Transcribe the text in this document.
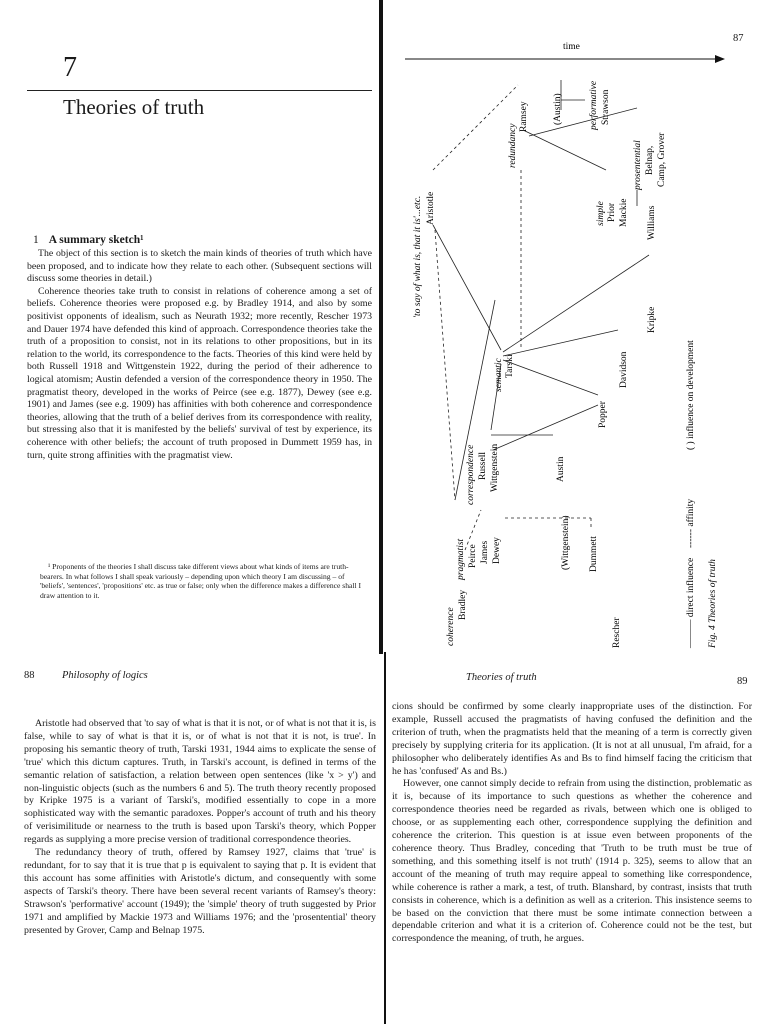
7
Theories of truth
1 A summary sketch¹

The object of this section is to sketch the main kinds of theories of truth which have been proposed, and to indicate how they relate to each other. (Subsequent sections will discuss some theories in detail.)

Coherence theories take truth to consist in relations of coherence among a set of beliefs. Coherence theories were proposed e.g. by Bradley 1914, and also by some positivist opponents of idealism, such as Neurath 1932; more recently, Rescher 1973 and Dauer 1974 have defended this kind of approach. Correspondence theories take the truth of a proposition to consist, not in its relations to other propositions, but in its relation to the world, its correspondence to the facts. Theories of this kind were held by both Russell 1918 and Wittgenstein 1922, during the period of their adherence to logical atomism; Austin defended a version of the correspondence theory in 1950. The pragmatist theory, developed in the works of Peirce (see e.g. 1877), Dewey (see e.g. 1901) and James (see e.g. 1909) has affinities with both coherence and correspondence theories, allowing that the truth of a belief derives from its correspondence with reality, but stressing also that it is manifested by the beliefs' survival of test by experience, its coherence with other beliefs; the account of truth proposed in Dummett 1959 has, in turn, quite strong affinities with the pragmatist view.

¹ Proponents of the theories I shall discuss take different views about what kinds of items are truth-bearers. In what follows I shall speak variously – depending upon which theory I am discussing – of 'beliefs', 'sentences', 'propositions' etc. as true or false; only when the difference makes a difference shall I draw attention to it.

87
time
'to say of what is, that it is'...etc. Aristotle
coherence
Bradley
pragmatist Peirce James Dewey
correspondence Russell Wittgenstein
semantic Tarski
redundancy
Ramsey	(Austin)	performative Strawson
prosentential Belnap, Camp, Grover
simple Prior Mackie Williams
Kripke
Davidson
Popper
Austin
(Wittgenstein) Dummett
Rescher	——— direct influence
------ affinity
( ) influence on development
Fig. 4 Theories of truth
88	Philosophy of logics

Aristotle had observed that 'to say of what is that it is not, or of what is not that it is, is false, while to say of what is that it is, or of what is not that it is not, is true'. In proposing his semantic theory of truth, Tarski 1931, 1944 aims to explicate the sense of 'true' which this dictum captures. Truth, in Tarski's account, is defined in terms of the semantic relation of satisfaction, a relation between open sentences (like 'x > y') and non-linguistic objects (such as the numbers 6 and 5). The truth theory recently proposed by Kripke 1975 is a variant of Tarski's, modified essentially to cope in a more sophisticated way with the semantic paradoxes. Popper's account of truth and his theory of verisimilitude or nearness to the truth is based upon Tarski's theory, which Popper regards as supplying a more precise version of traditional correspondence theories.

The redundancy theory of truth, offered by Ramsey 1927, claims that 'true' is redundant, for to say that it is true that p is equivalent to saying that p. It is evident that this account has some affinities with Aristotle's dictum, and consequently with some aspects of Tarski's theory. There have been several recent variants of Ramsey's theory: Strawson's 'performative' account (1949); the 'simple' theory of truth suggested by Prior 1971 and amplified by Mackie 1973 and Williams 1976; and the 'prosentential' theory presented by Grover, Camp and Belnap 1975.

Theories of truth	89

cions should be confirmed by some clearly inappropriate uses of the distinction. For example, Russell accused the pragmatists of having confused the definition and the criterion of truth, when the pragmatists held that the meaning of a term is correctly given precisely by supplying criteria for its application. (It is not at all unusual, I'm afraid, for a philosopher who deliberately identifies As and Bs to find himself facing the criticism that he has 'confused' As and Bs.)

However, one cannot simply decide to refrain from using the distinction, problematic as it is, because of its importance to such questions as whether the coherence and correspondence theories need be regarded as rivals, between which one is obliged to choose, or as supplementing each other, correspondence supplying the definition and coherence the criterion. This question is at issue even between proponents of the coherence theory. Thus Bradley, conceding that 'Truth to be truth must be true of something, and this something itself is not truth' (1914 p. 325), seems to allow that an account of the meaning of truth may require appeal to something like correspondence, while coherence is rather a mark, a test, of truth. Blanshard, by contrast, insists that truth consists in coherence, which is a definition as well as a criterion. This insistence seems to be based on the conviction that there must be some intimate connection between a dependable criterion and what it is a criterion of. Coherence could not be the test, but correspondence the meaning, of truth, he argues.
